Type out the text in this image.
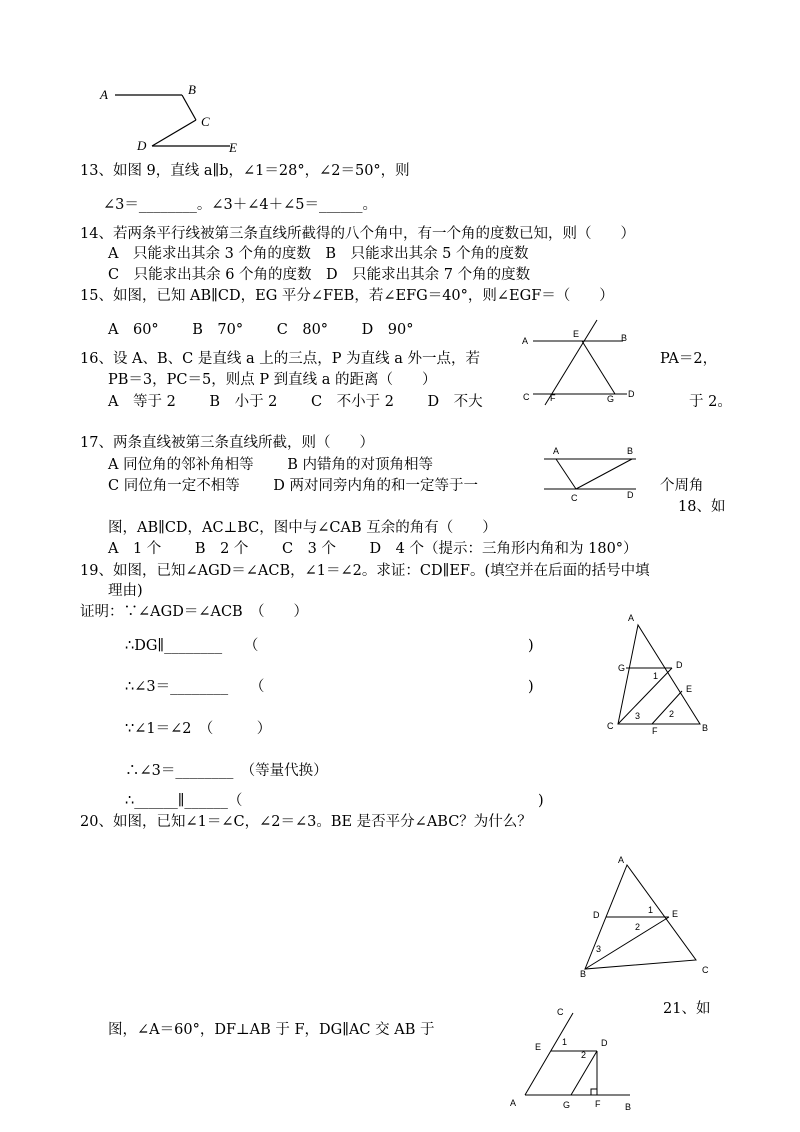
A	B
C
D	E
13、如图 9，直线 a∥b，∠1＝28°，∠2＝50°，则
∠3＝________。∠3＋∠4＋∠5＝______。
14、若两条平行线被第三条直线所截得的八个角中，有一个角的度数已知，则（　　）
A　只能求出其余 3 个角的度数　B　只能求出其余 5 个角的度数
C　只能求出其余 6 个角的度数　D　只能求出其余 7 个角的度数
15、如图，已知 AB∥CD，EG 平分∠FEB，若∠EFG＝40°，则∠EGF＝（　　）
A　60°　　 B　70°　　 C　80°　　 D　90°
A
E	B
C F	G D
16、设 A、B、C 是直线 a 上的三点，P 为直线 a 外一点，若	PA＝2，
PB＝3，PC＝5，则点 P 到直线 a 的距离（　　）
A　等于 2　　 B　小于 2　　 C　不小于 2　　 D　不大	于 2。
17、两条直线被第三条直线所截，则（　　）
A 同位角的邻补角相等　　 B 内错角的对顶角相等
C 同位角一定不相等　　 D 两对同旁内角的和一定等于一	个周角
A	B
C	D
18、如
图，AB∥CD，AC⊥BC，图中与∠CAB 互余的角有（　　）
A　1 个　　 B　2 个　　 C　3 个　　 D　4 个（提示：三角形内角和为 180°）
19、如图，已知∠AGD＝∠ACB，∠1＝∠2。求证：CD∥EF。(填空并在后面的括号中填
理由)
证明：∵∠AGD＝∠ACB　（　　）
∴DG∥________　　（	)
∴∠3＝________　　（	)
∵∠1＝∠2　（　　　）
∴∠3＝________　（等量代换）
∴______∥______（	)
A
G	D
1
E
3	2
C	F	B
20、如图，已知∠1＝∠C，∠2＝∠3。BE 是否平分∠ABC？为什么？
A
D	1 E
2
3
B	C
21、如
图，∠A＝60°，DF⊥AB 于 F，DG∥AC 交 AB 于
C
E 1	D
2
A	G	F	B
